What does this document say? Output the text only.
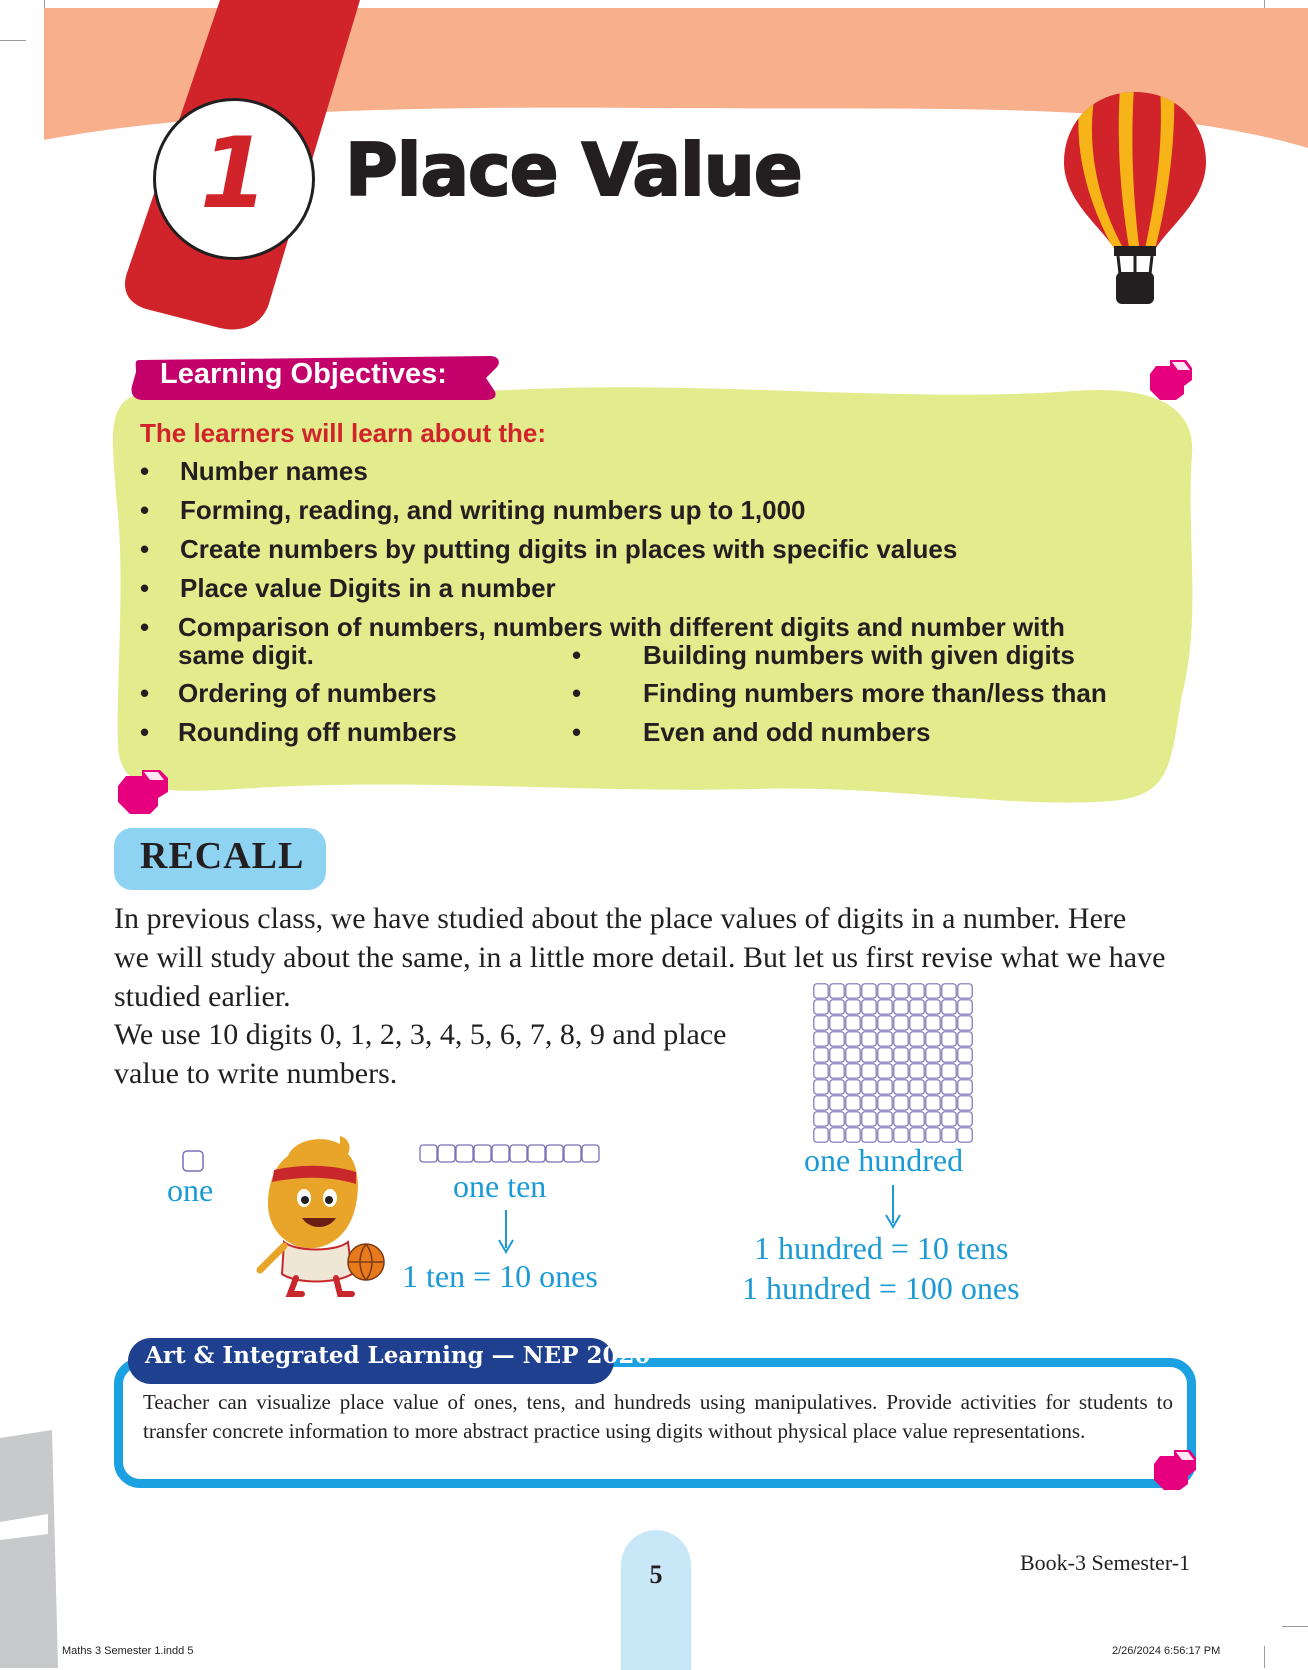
1	Place Value
Learning Objectives:
The learners will learn about the:
• Number names
• Forming, reading, and writing numbers up to 1,000
• Create numbers by putting digits in places with specific values
• Place value Digits in a number
• Comparison of numbers, numbers with different digits and number with
same digit.
• Ordering of numbers
• Rounding off numbers
• Building numbers with given digits
• Finding numbers more than/less than
• Even and odd numbers
RECALL
In previous class, we have studied about the place values of digits in a number. Here
we will study about the same, in a little more detail. But let us first revise what we have
studied earlier.
We use 10 digits 0, 1, 2, 3, 4, 5, 6, 7, 8, 9 and place
value to write numbers.
one	one ten
1 ten = 10 ones
one hundred
1 hundred = 10 tens
1 hundred = 100 ones
Art & Integrated Learning — NEP 2020
Teacher can visualize place value of ones, tens, and hundreds using manipulatives. Provide activities for students to transfer concrete information to more abstract practice using digits without physical place value representations.
5	Book-3 Semester-1
Maths 3 Semester 1.indd 5	2/26/2024 6:56:17 PM
